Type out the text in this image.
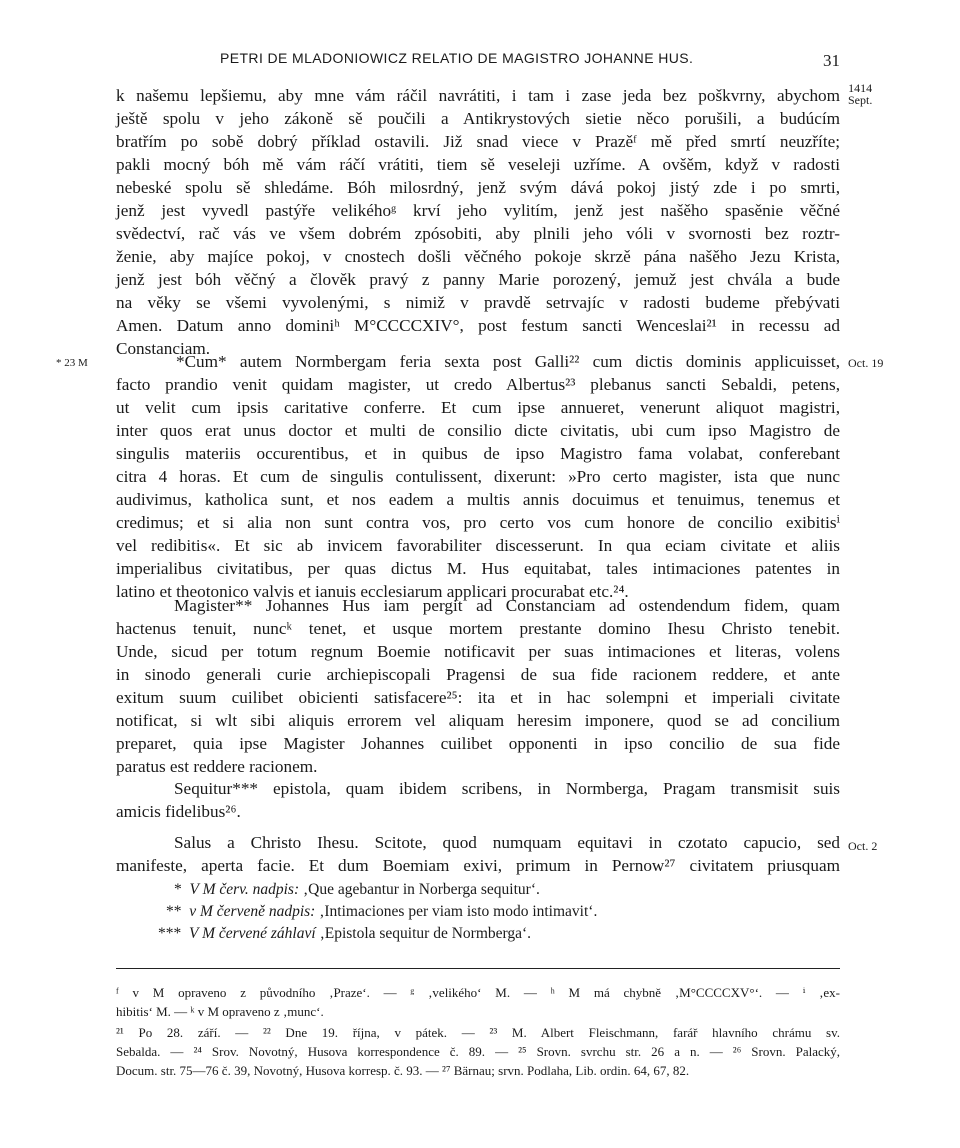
PETRI DE MLADONIOWICZ RELATIO DE MAGISTRO JOHANNE HUS.	31
1414
Sept.
* 23 M	Oct. 19
Oct. 2
k našemu lepšiemu, aby mne vám ráčil navrátiti, i tam i zase jeda bez poškvrny, abychom
ještě spolu v jeho zákoně sě poučili a Antikrystových sietie něco porušili, a budúcím
bratřím po sobě dobrý příklad ostavili. Již snad viece v Prazěᶠ mě před smrtí neuzříte;
pakli mocný bóh mě vám ráčí vrátiti, tiem sě veseleji uzříme. A ovšěm, když v radosti
nebeské spolu sě shledáme. Bóh milosrdný, jenž svým dává pokoj jistý zde i po smrti,
jenž jest vyvedl pastýře velikéhoᵍ krví jeho vylitím, jenž jest našěho spasěnie věčné
svědectví, rač vás ve všem dobrém zpósobiti, aby plnili jeho vóli v svornosti bez roztr-
ženie, aby majíce pokoj, v cnostech došli věčného pokoje skrzě pána našěho Jezu Krista,
jenž jest bóh věčný a člověk pravý z panny Marie porozený, jemuž jest chvála a bude
na věky se všemi vyvolenými, s nimiž v pravdě setrvajíc v radosti budeme přebývati
Amen. Datum anno dominiʰ M°CCCCXIV°, post festum sancti Wenceslai²¹ in recessu ad
Constanciam.
*Cum* autem Normbergam feria sexta post Galli²² cum dictis dominis applicuisset,
facto prandio venit quidam magister, ut credo Albertus²³ plebanus sancti Sebaldi, petens,
ut velit cum ipsis caritative conferre. Et cum ipse annueret, venerunt aliquot magistri,
inter quos erat unus doctor et multi de consilio dicte civitatis, ubi cum ipso Magistro de
singulis materiis occurentibus, et in quibus de ipso Magistro fama volabat, conferebant
citra 4 horas. Et cum de singulis contulissent, dixerunt: »Pro certo magister, ista que nunc
audivimus, katholica sunt, et nos eadem a multis annis docuimus et tenuimus, tenemus et
credimus; et si alia non sunt contra vos, pro certo vos cum honore de concilio exibitisⁱ
vel redibitis«. Et sic ab invicem favorabiliter discesserunt. In qua eciam civitate et aliis
imperialibus civitatibus, per quas dictus M. Hus equitabat, tales intimaciones patentes in
latino et theotonico valvis et ianuis ecclesiarum applicari procurabat etc.²⁴.
Magister** Johannes Hus iam pergit ad Constanciam ad ostendendum fidem, quam
hactenus tenuit, nuncᵏ tenet, et usque mortem prestante domino Ihesu Christo tenebit.
Unde, sicud per totum regnum Boemie notificavit per suas intimaciones et literas, volens
in sinodo generali curie archiepiscopali Pragensi de sua fide racionem reddere, et ante
exitum suum cuilibet obicienti satisfacere²⁵: ita et in hac solempni et imperiali civitate
notificat, si wlt sibi aliquis errorem vel aliquam heresim imponere, quod se ad concilium
preparet, quia ipse Magister Johannes cuilibet opponenti in ipso concilio de sua fide
paratus est reddere racionem.
Sequitur*** epistola, quam ibidem scribens, in Normberga, Pragam transmisit suis
amicis fidelibus²⁶.
Salus a Christo Ihesu. Scitote, quod numquam equitavi in czotato capucio, sed
manifeste, aperta facie. Et dum Boemiam exivi, primum in Pernow²⁷ civitatem priusquam
* V M červ. nadpis: ‚Que agebantur in Norberga sequitur‘.
** v M červeně nadpis: ‚Intimaciones per viam isto modo intimavit‘.
*** V M červené záhlaví ‚Epistola sequitur de Normberga‘.
ᶠ v M opraveno z původního ‚Praze‘. — ᵍ ‚velikého‘ M. — ʰ M má chybně ‚M°CCCCXV°‘. — ⁱ ‚ex-
hibitis‘ M. — ᵏ v M opraveno z ‚munc‘.
²¹ Po 28. září. — ²² Dne 19. října, v pátek. — ²³ M. Albert Fleischmann, farář hlavního chrámu sv.
Sebalda. — ²⁴ Srov. Novotný, Husova korrespondence č. 89. — ²⁵ Srovn. svrchu str. 26 a n. — ²⁶ Srovn. Palacký,
Docum. str. 75—76 č. 39, Novotný, Husova korresp. č. 93. — ²⁷ Bärnau; srvn. Podlaha, Lib. ordin. 64, 67, 82.
